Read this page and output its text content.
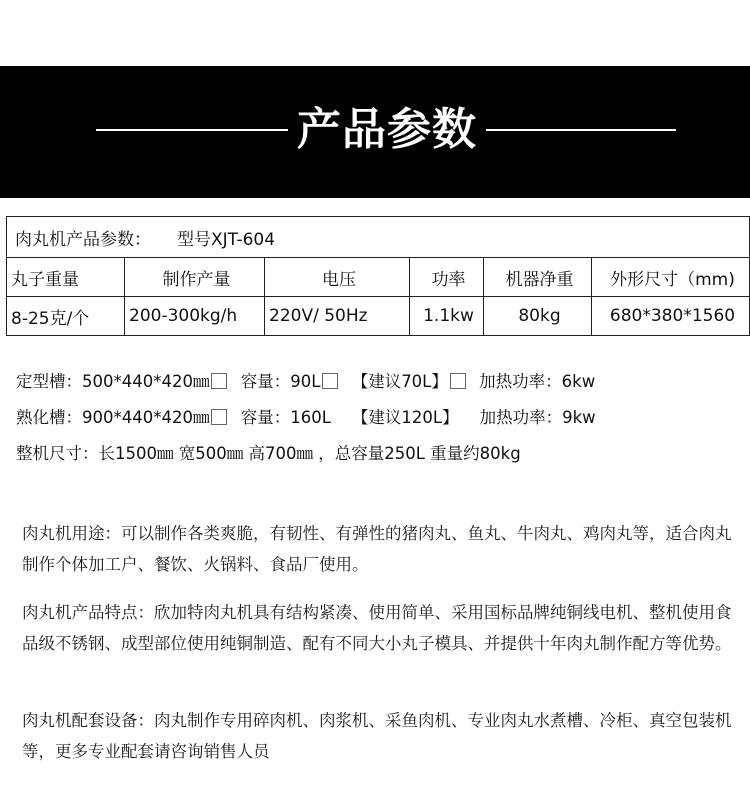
产品参数
肉丸机产品参数： 型号XJT-604					
丸子重量	制作产量	电压	功率	机器净重	外形尺寸（mm)
8-25克/个	200-300kg/h	220V/ 50Hz	1.1kw	80kg	680*380*1560
定型槽：500*440*420㎜ 容量：90L 【建议70L】 加热功率：6kw
熟化槽：900*440*420㎜ 容量：160L 【建议120L】 加热功率：9kw
整机尺寸：长1500㎜ 宽500㎜ 高700㎜ ，总容量250L 重量约80kg
肉丸机用途：可以制作各类爽脆，有韧性、有弹性的猪肉丸、鱼丸、牛肉丸、鸡肉丸等，适合肉丸制作个体加工户、餐饮、火锅料、食品厂使用。
肉丸机产品特点：欣加特肉丸机具有结构紧凑、使用简单、采用国标品牌纯铜线电机、整机使用食品级不锈钢、成型部位使用纯铜制造、配有不同大小丸子模具、并提供十年肉丸制作配方等优势。
肉丸机配套设备：肉丸制作专用碎肉机、肉浆机、采鱼肉机、专业肉丸水煮槽、冷柜、真空包装机等，更多专业配套请咨询销售人员
